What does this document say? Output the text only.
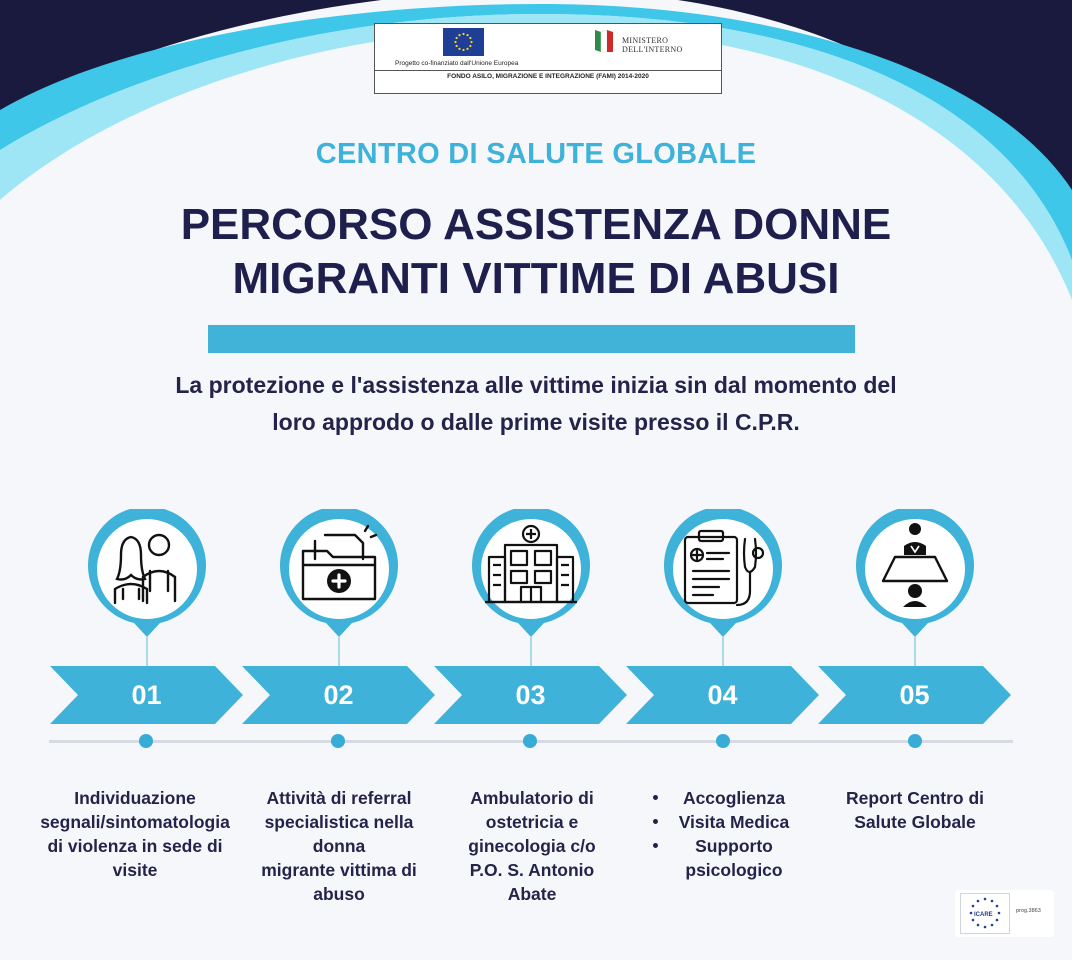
Progetto co-finanziato dall'Unione Europea
MINISTERO
DELL'INTERNO
FONDO ASILO, MIGRAZIONE E INTEGRAZIONE (FAMI) 2014-2020
CENTRO DI SALUTE GLOBALE
PERCORSO ASSISTENZA DONNE
MIGRANTI VITTIME DI ABUSI
La protezione e l'assistenza alle vittime inizia sin dal momento del
loro approdo o dalle prime visite presso il C.P.R.
01	02	03	04	05
Individuazione
segnali/sintomatologia
di violenza in sede di
visite
Attività di referral
specialistica nella
donna
migrante vittima di
abuso
Ambulatorio di
ostetricia e
ginecologia c/o
P.O. S. Antonio
Abate
Accoglienza
Visita Medica
Supporto psicologico
Report Centro di
Salute Globale
ICARE
prog.3863
